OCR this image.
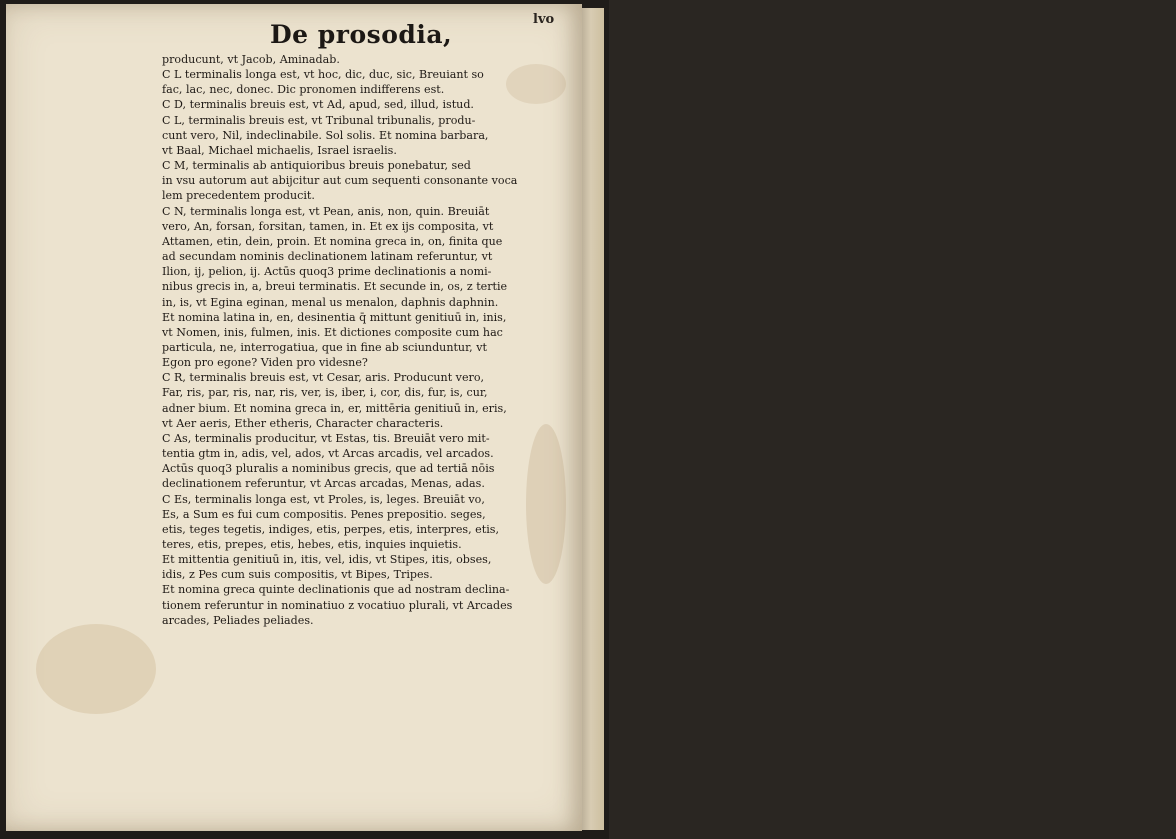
·
·
·
lvo
De prosodia,
producunt, vt Jacob, Aminadab.
C L terminalis longa est, vt hoc, dic, duc, sic, Breuiant so
fac, lac, nec, donec. Dic pronomen indifferens est.
C D, terminalis breuis est, vt Ad, apud, sed, illud, istud.
C L, terminalis breuis est, vt Tribunal tribunalis, produ-
cunt vero, Nil, indeclinabile. Sol solis. Et nomina barbara,
vt Baal, Michael michaelis, Israel israelis.
C M, terminalis ab antiquioribus breuis ponebatur, sed
in vsu autorum aut abijcitur aut cum sequenti consonante voca
lem precedentem producit.
C N, terminalis longa est, vt Pean, anis, non, quin. Breuiāt
vero, An, forsan, forsitan, tamen, in. Et ex ijs composita, vt
Attamen, etin, dein, proin. Et nomina greca in, on, finita que
ad secundam nominis declinationem latinam referuntur, vt
Ilion, ij, pelion, ij. Actūs quoq3 prime declinationis a nomi-
nibus grecis in, a, breui terminatis. Et secunde in, os, z tertie
in, is, vt Egina eginan, menal us menalon, daphnis daphnin.
Et nomina latina in, en, desinentia q̄ mittunt genitiuū in, inis,
vt Nomen, inis, fulmen, inis. Et dictiones composite cum hac
particula, ne, interrogatiua, que in fine ab sciunduntur, vt
Egon pro egone? Viden pro videsne?
C R, terminalis breuis est, vt Cesar, aris. Producunt vero,
Far, ris, par, ris, nar, ris, ver, is, iber, i, cor, dis, fur, is, cur,
adner bium. Et nomina greca in, er, mittēria genitiuū in, eris,
vt Aer aeris, Ether etheris, Character characteris.
C As, terminalis producitur, vt Estas, tis. Breuiāt vero mit-
tentia gtm in, adis, vel, ados, vt Arcas arcadis, vel arcados.
Actūs quoq3 pluralis a nominibus grecis, que ad tertiā nōis
declinationem referuntur, vt Arcas arcadas, Menas, adas.
C Es, terminalis longa est, vt Proles, is, leges. Breuiāt vo,
Es, a Sum es fui cum compositis. Penes prepositio. seges,
etis, teges tegetis, indiges, etis, perpes, etis, interpres, etis,
teres, etis, prepes, etis, hebes, etis, inquies inquietis.
Et mittentia genitiuū in, itis, vel, idis, vt Stipes, itis, obses,
idis, z Pes cum suis compositis, vt Bipes, Tripes.
Et nomina greca quinte declinationis que ad nostram declina-
tionem referuntur in nominatiuo z vocatiuo plurali, vt Arcades
arcades, Peliades peliades.
